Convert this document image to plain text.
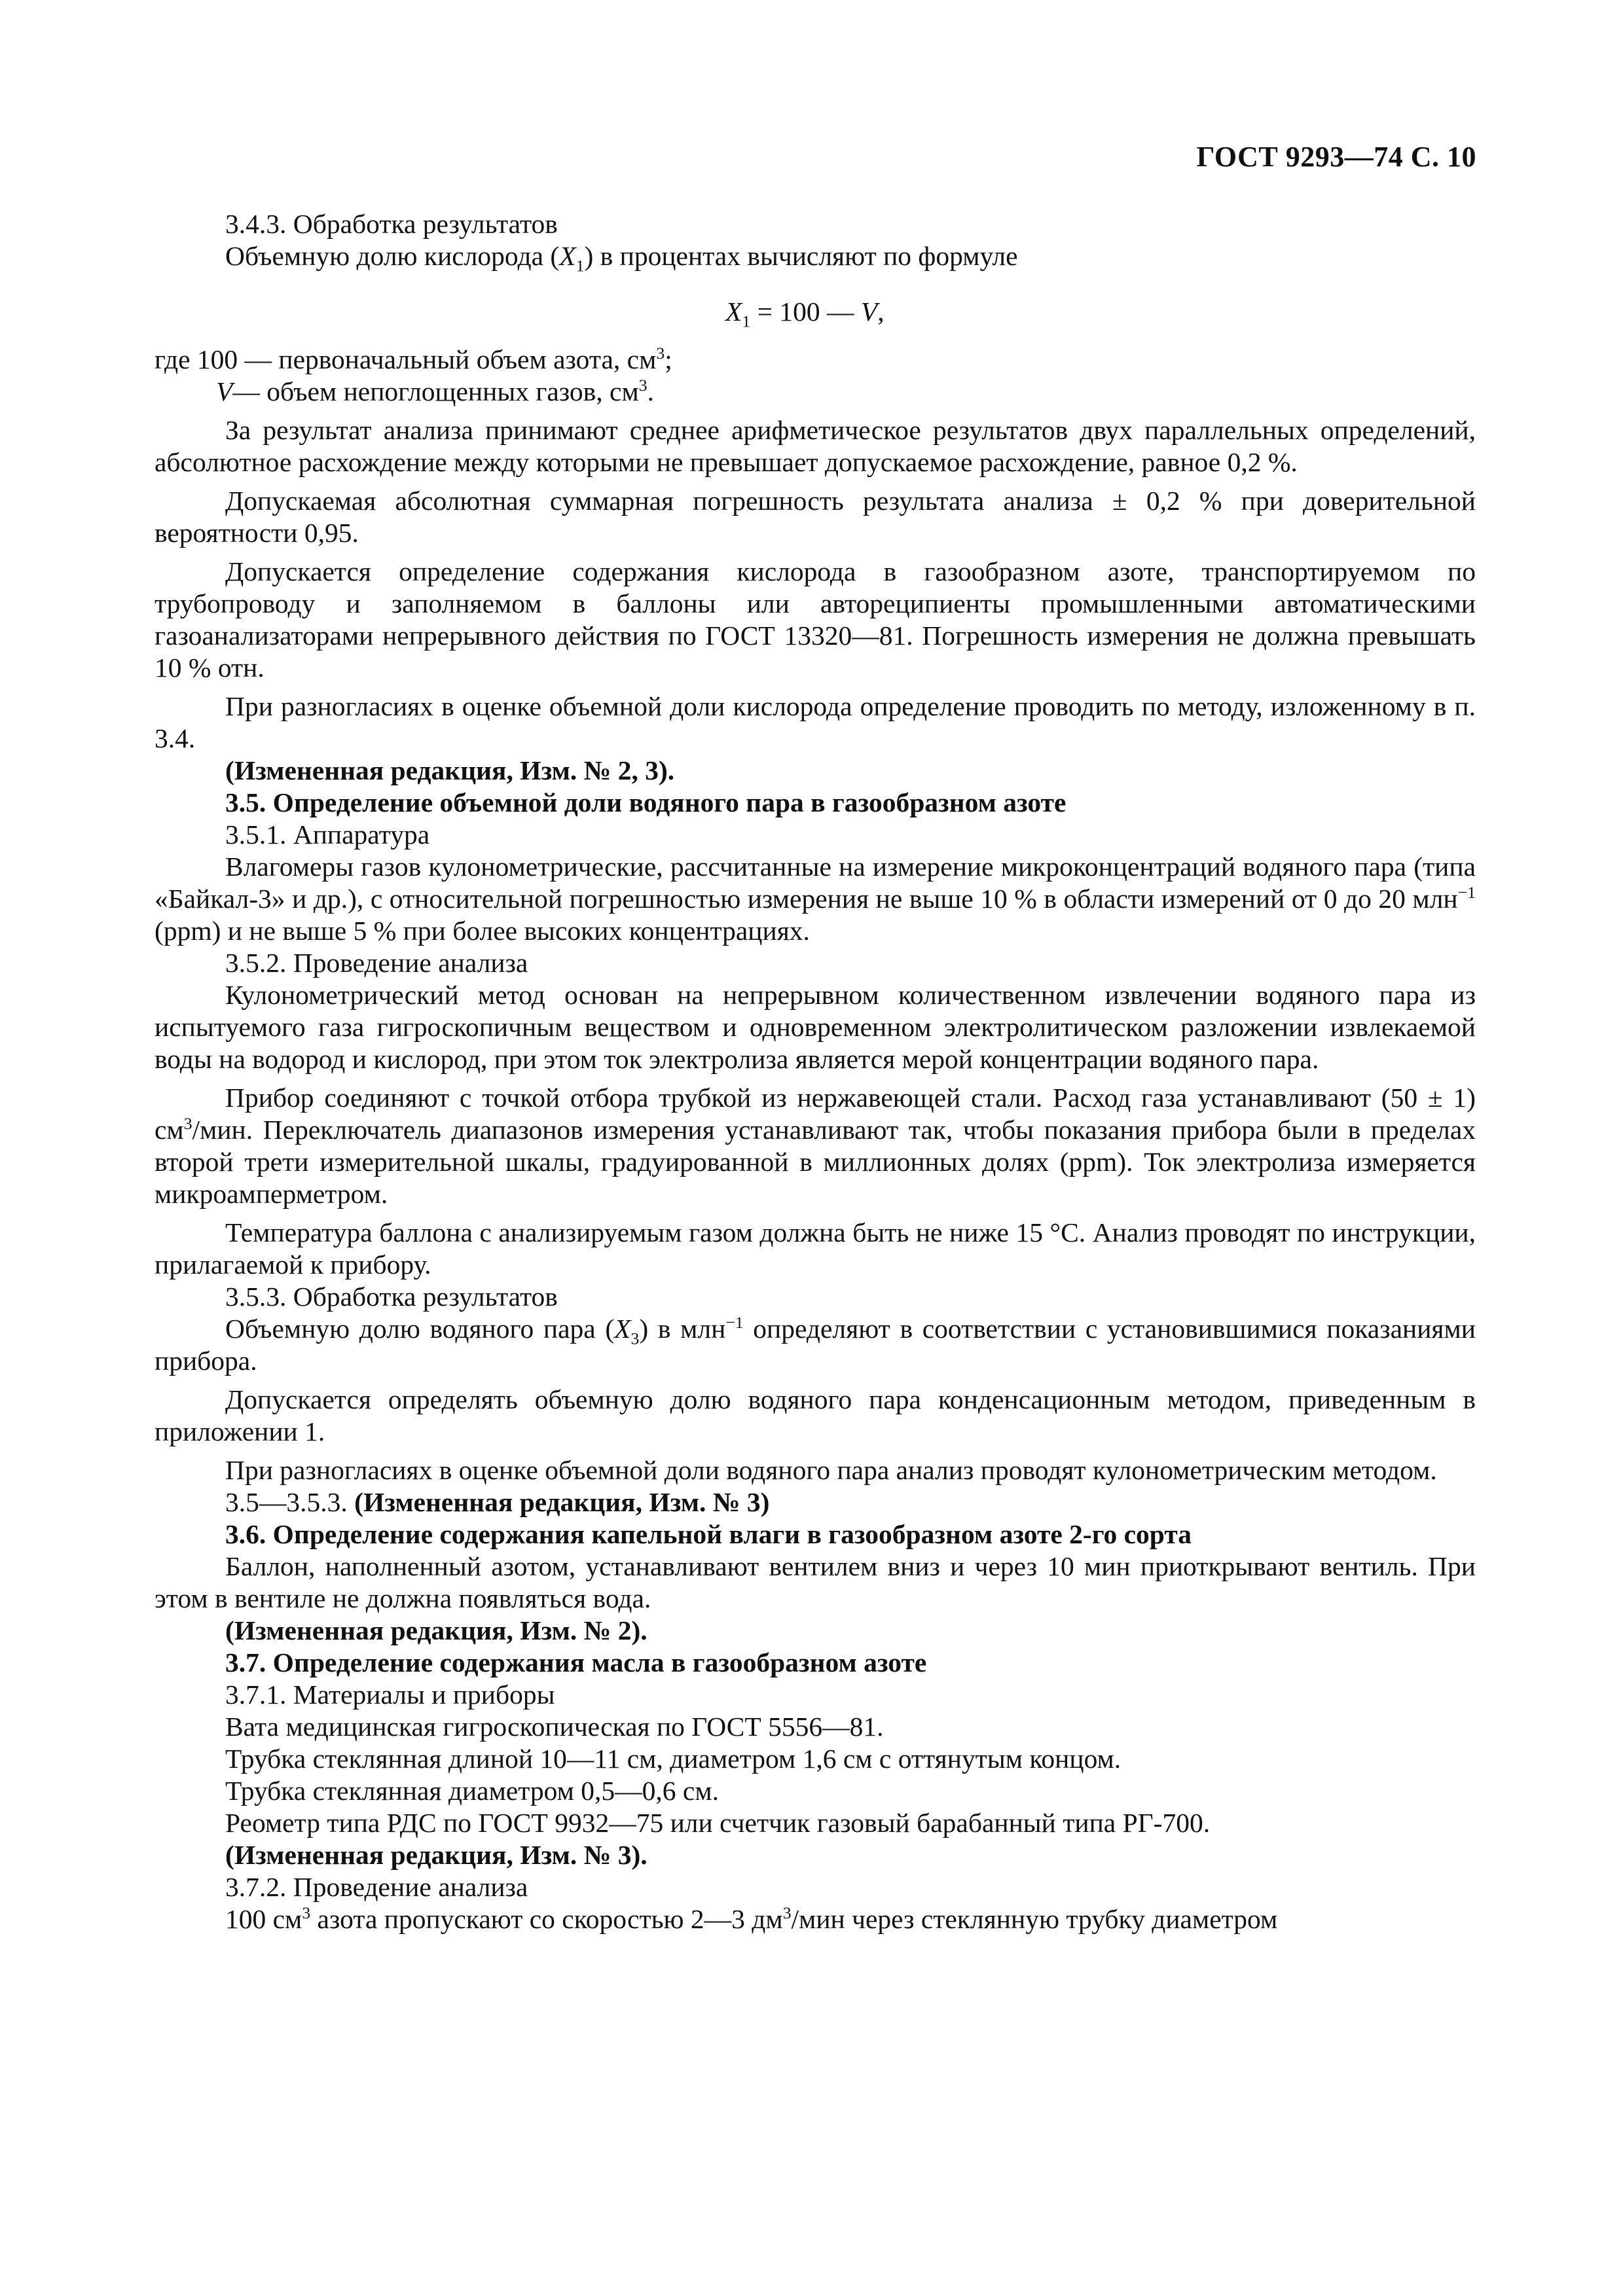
ГОСТ 9293—74 С. 10

3.4.3. Обработка результатов

Объемную долю кислорода $(X_1)$ в процентах вычисляют по формуле

$X_1 = 100$ — V,

где 100 — первоначальный объем азота, $см^3$;

V— объем непоглощенных газов, $см^3$.

За результат анализа принимают среднее арифметическое результатов двух параллельных определений, абсолютное расхождение между которыми не превышает допускаемое расхождение, равное 0,2 %.

Допускаемая абсолютная суммарная погрешность результата анализа ± 0,2 % при доверительной вероятности 0,95.

Допускается определение содержания кислорода в газообразном азоте, транспортируемом по трубопроводу и заполняемом в баллоны или автореципиенты промышленными автоматическими газоанализаторами непрерывного действия по ГОСТ 13320—81. Погрешность измерения не должна превышать 10 % отн.

При разногласиях в оценке объемной доли кислорода определение проводить по методу, изложенному в п. 3.4.

(Измененная редакция, Изм. № 2, 3).

3.5. Определение объемной доли водяного пара в газообразном азоте

3.5.1. Аппаратура

Влагомеры газов кулонометрические, рассчитанные на измерение микроконцентраций водяного пара (типа «Байкал-3» и др.), с относительной погрешностью измерения не выше 10 % в области измерений от 0 до 20 млн$^{-1}$ (ppm) и не выше 5 % при более высоких концентрациях.

3.5.2. Проведение анализа

Кулонометрический метод основан на непрерывном количественном извлечении водяного пара из испытуемого газа гигроскопичным веществом и одновременном электролитическом разложении извлекаемой воды на водород и кислород, при этом ток электролиза является мерой концентрации водяного пара.

Прибор соединяют с точкой отбора трубкой из нержавеющей стали. Расход газа устанавливают (50 ± 1) $см^3$/мин. Переключатель диапазонов измерения устанавливают так, чтобы показания прибора были в пределах второй трети измерительной шкалы, градуированной в миллионных долях (ppm). Ток электролиза измеряется микроамперметром.

Температура баллона с анализируемым газом должна быть не ниже 15 °C. Анализ проводят по инструкции, прилагаемой к прибору.

3.5.3. Обработка результатов

Объемную долю водяного пара $(X_3)$ в млн$^{-1}$ определяют в соответствии с установившимися показаниями прибора.

Допускается определять объемную долю водяного пара конденсационным методом, приведенным в приложении 1.

При разногласиях в оценке объемной доли водяного пара анализ проводят кулонометрическим методом.

3.5—3.5.3. (Измененная редакция, Изм. № 3)

3.6. Определение содержания капельной влаги в газообразном азоте 2-го сорта

Баллон, наполненный азотом, устанавливают вентилем вниз и через 10 мин приоткрывают вентиль. При этом в вентиле не должна появляться вода.

(Измененная редакция, Изм. № 2).

3.7. Определение содержания масла в газообразном азоте

3.7.1. Материалы и приборы

Вата медицинская гигроскопическая по ГОСТ 5556—81.

Трубка стеклянная длиной 10—11 см, диаметром 1,6 см с оттянутым концом.

Трубка стеклянная диаметром 0,5—0,6 см.

Реометр типа РДС по ГОСТ 9932—75 или счетчик газовый барабанный типа РГ-700.

(Измененная редакция, Изм. № 3).

3.7.2. Проведение анализа

100 $см^3$ азота пропускают со скоростью 2—3 $дм^3$/мин через стеклянную трубку диаметром
